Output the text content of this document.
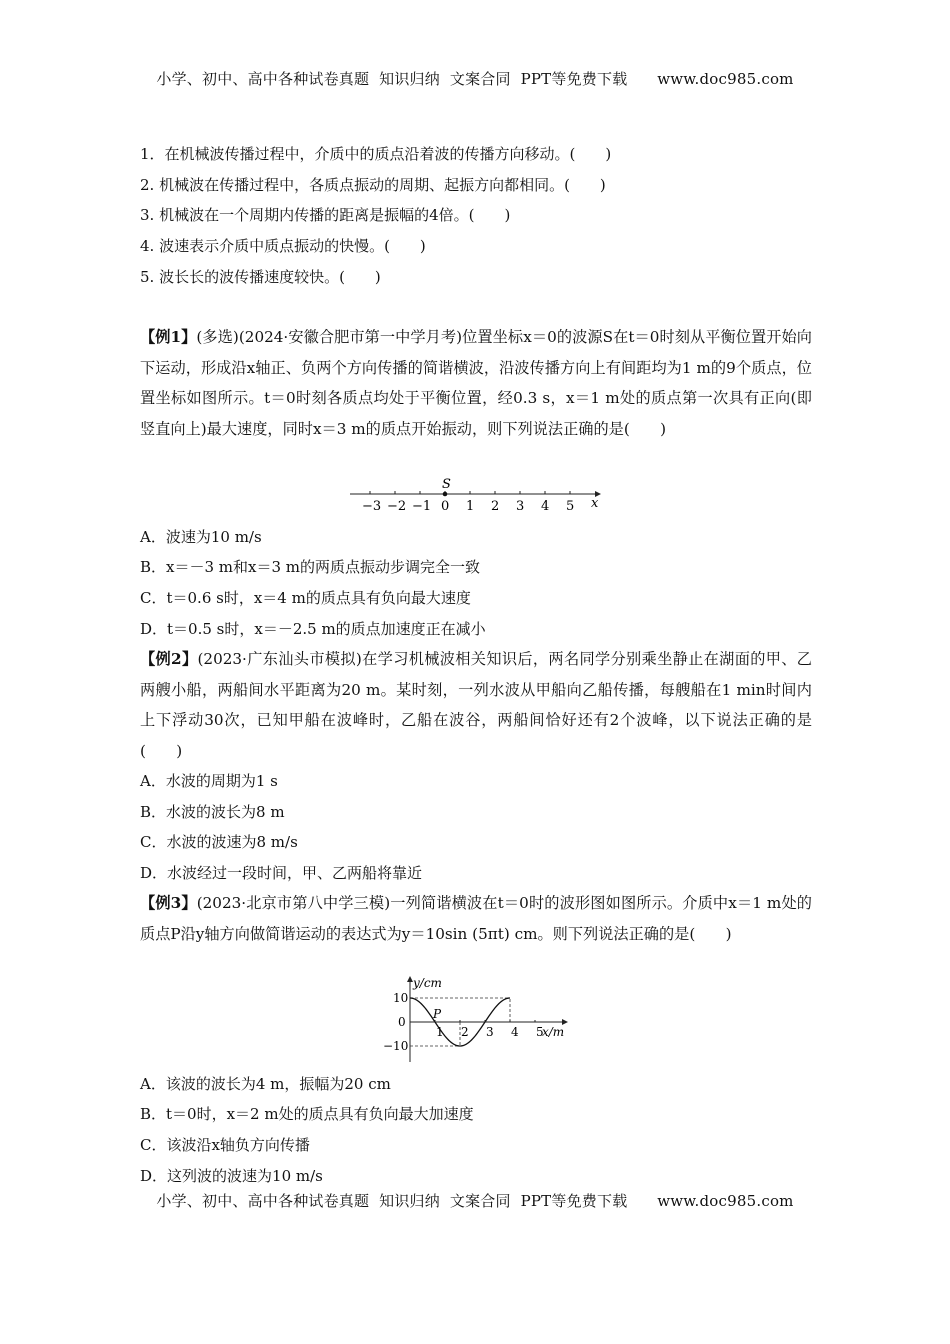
小学、初中、高中各种试卷真题  知识归纳  文案合同  PPT等免费下载      www.doc985.com
1．在机械波传播过程中，介质中的质点沿着波的传播方向移动。(　　)
2. 机械波在传播过程中，各质点振动的周期、起振方向都相同。(　　)
3. 机械波在一个周期内传播的距离是振幅的4倍。(　　)
4. 波速表示介质中质点振动的快慢。(　　)
5. 波长长的波传播速度较快。(　　)
【例1】(多选)(2024·安徽合肥市第一中学月考)位置坐标x＝0的波源S在t＝0时刻从平衡位置开始向下运动，形成沿x轴正、负两个方向传播的简谐横波，沿波传播方向上有间距均为1 m的9个质点，位置坐标如图所示。t＝0时刻各质点均处于平衡位置，经0.3 s，x＝1 m处的质点第一次具有正向(即竖直向上)最大速度，同时x＝3 m的质点开始振动，则下列说法正确的是(　　)
−3 −2 −1 0 1 2 3 4 5
S
x
A．波速为10 m/s
B．x＝－3 m和x＝3 m的两质点振动步调完全一致
C．t＝0.6 s时，x＝4 m的质点具有负向最大速度
D．t＝0.5 s时，x＝－2.5 m的质点加速度正在减小
【例2】(2023·广东汕头市模拟)在学习机械波相关知识后，两名同学分别乘坐静止在湖面的甲、乙两艘小船，两船间水平距离为20 m。某时刻，一列水波从甲船向乙船传播，每艘船在1 min时间内上下浮动30次，已知甲船在波峰时，乙船在波谷，两船间恰好还有2个波峰，以下说法正确的是(　　)
A．水波的周期为1 s
B．水波的波长为8 m
C．水波的波速为8 m/s
D．水波经过一段时间，甲、乙两船将靠近
【例3】(2023·北京市第八中学三模)一列简谐横波在t＝0时的波形图如图所示。介质中x＝1 m处的质点P沿y轴方向做简谐运动的表达式为y＝10sin (5πt) cm。则下列说法正确的是(　　)
1 2 3 4 5
10
0
−10
y/cm
x/m
P
A．该波的波长为4 m，振幅为20 cm
B．t＝0时，x＝2 m处的质点具有负向最大加速度
C．该波沿x轴负方向传播
D．这列波的波速为10 m/s
小学、初中、高中各种试卷真题  知识归纳  文案合同  PPT等免费下载      www.doc985.com
